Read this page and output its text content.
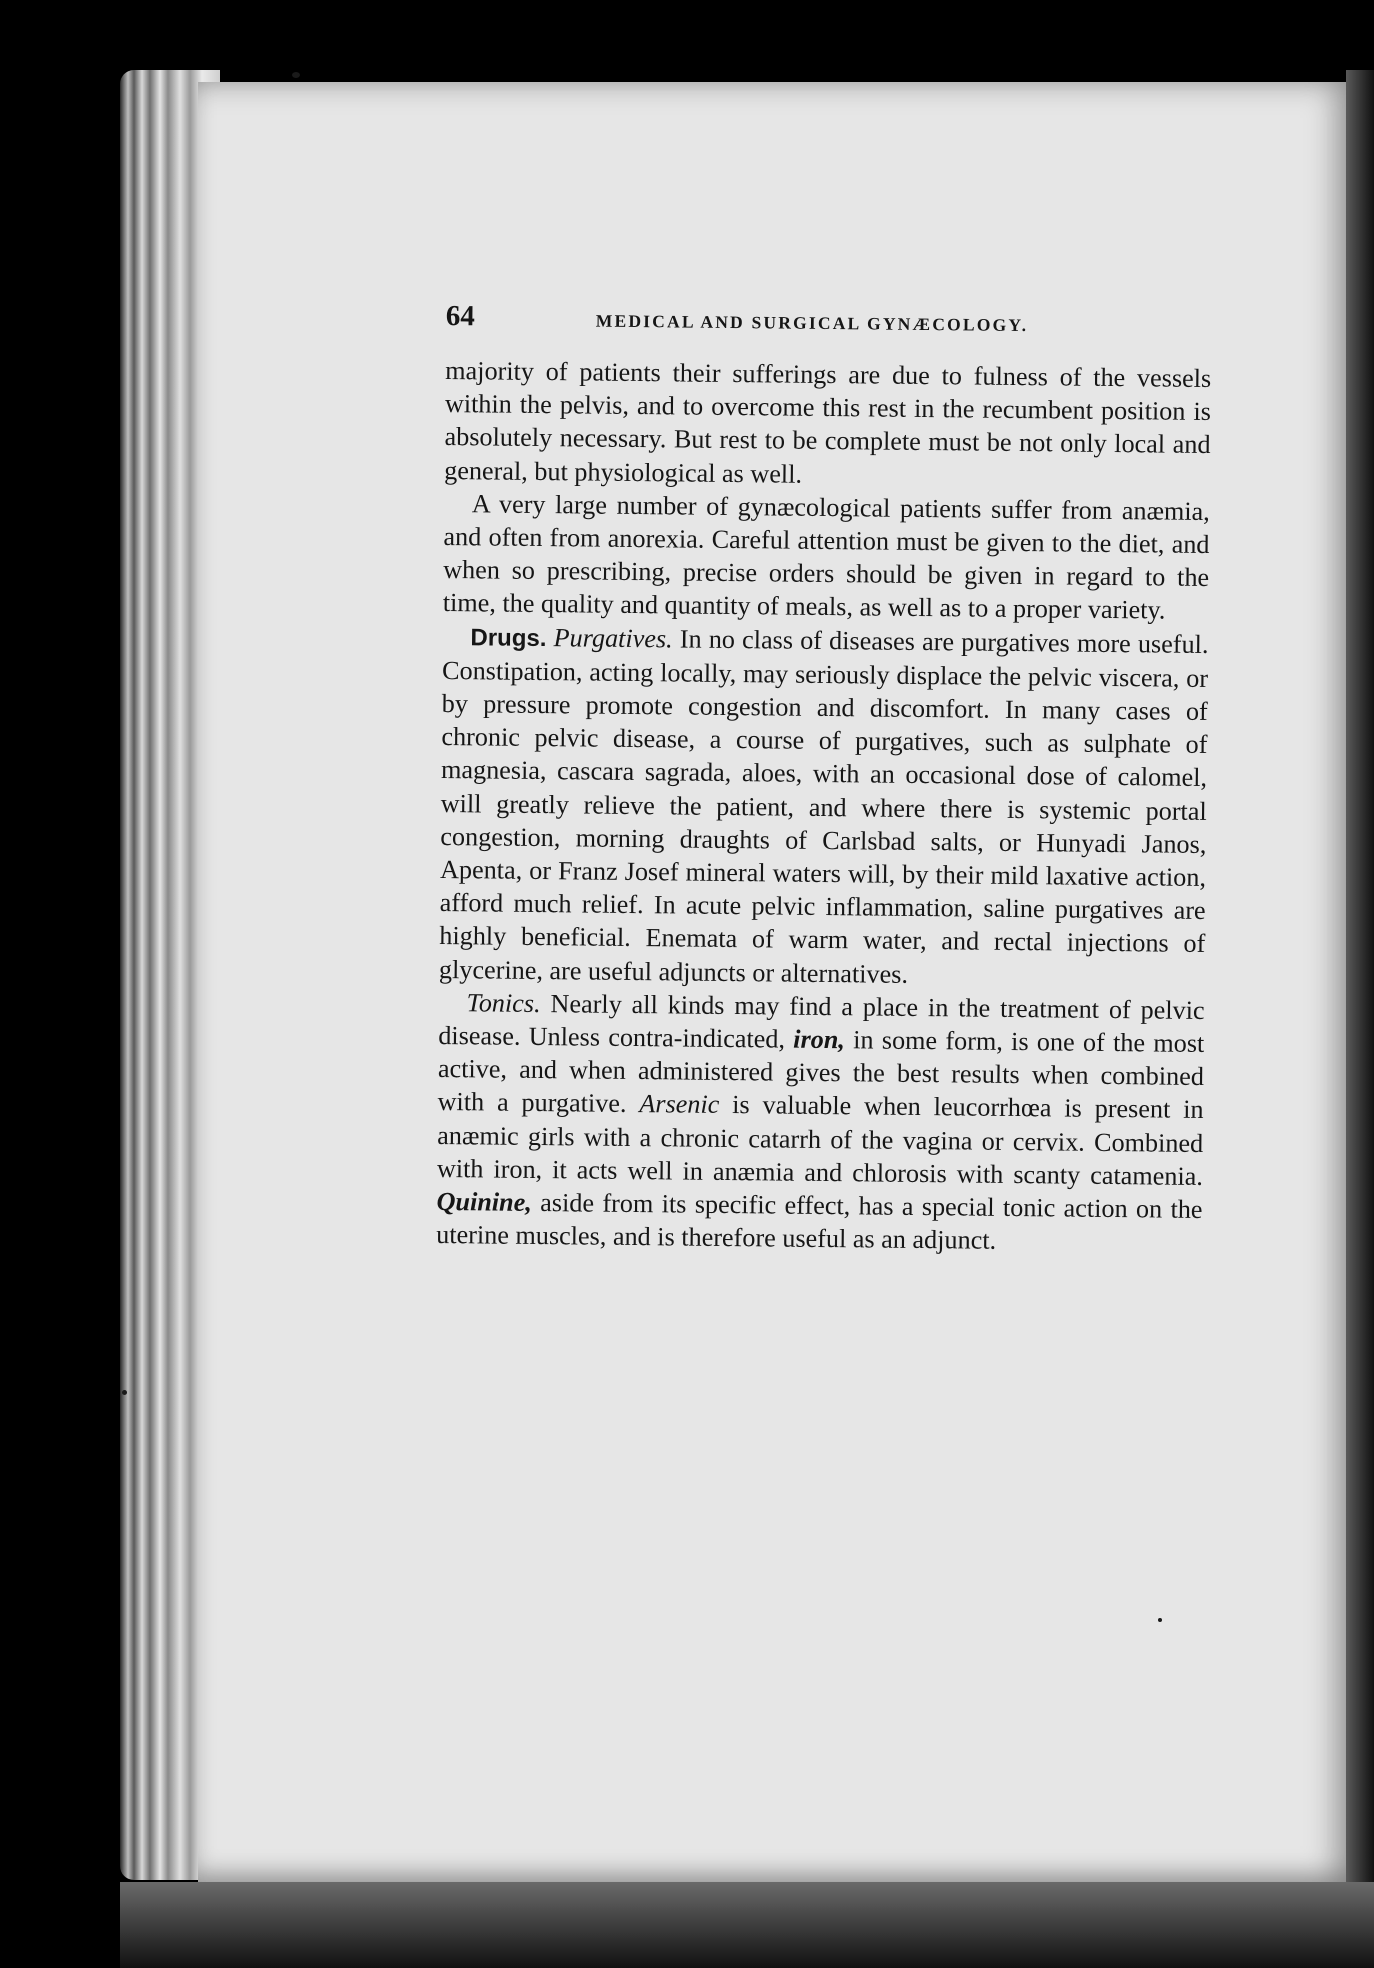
64	MEDICAL AND SURGICAL GYNÆCOLOGY.

majority of patients their sufferings are due to fulness of the vessels within the pelvis, and to overcome this rest in the recumbent position is absolutely necessary. But rest to be complete must be not only local and general, but physiological as well.

A very large number of gynæcological patients suffer from anæmia, and often from anorexia. Careful attention must be given to the diet, and when so prescribing, precise orders should be given in regard to the time, the quality and quantity of meals, as well as to a proper variety.

Drugs. Purgatives. In no class of diseases are purgatives more useful. Constipation, acting locally, may seriously displace the pelvic viscera, or by pressure promote congestion and discomfort. In many cases of chronic pelvic disease, a course of purgatives, such as sulphate of magnesia, cascara sagrada, aloes, with an occasional dose of calomel, will greatly relieve the patient, and where there is systemic portal congestion, morning draughts of Carlsbad salts, or Hunyadi Janos, Apenta, or Franz Josef mineral waters will, by their mild laxative action, afford much relief. In acute pelvic inflammation, saline purgatives are highly beneficial. Enemata of warm water, and rectal injections of glycerine, are useful adjuncts or alternatives.

Tonics. Nearly all kinds may find a place in the treatment of pelvic disease. Unless contra-indicated, iron, in some form, is one of the most active, and when administered gives the best results when combined with a purgative. Arsenic is valuable when leucorrhœa is present in anæmic girls with a chronic catarrh of the vagina or cervix. Combined with iron, it acts well in anæmia and chlorosis with scanty catamenia. Quinine, aside from its specific effect, has a special tonic action on the uterine muscles, and is therefore useful as an adjunct.
